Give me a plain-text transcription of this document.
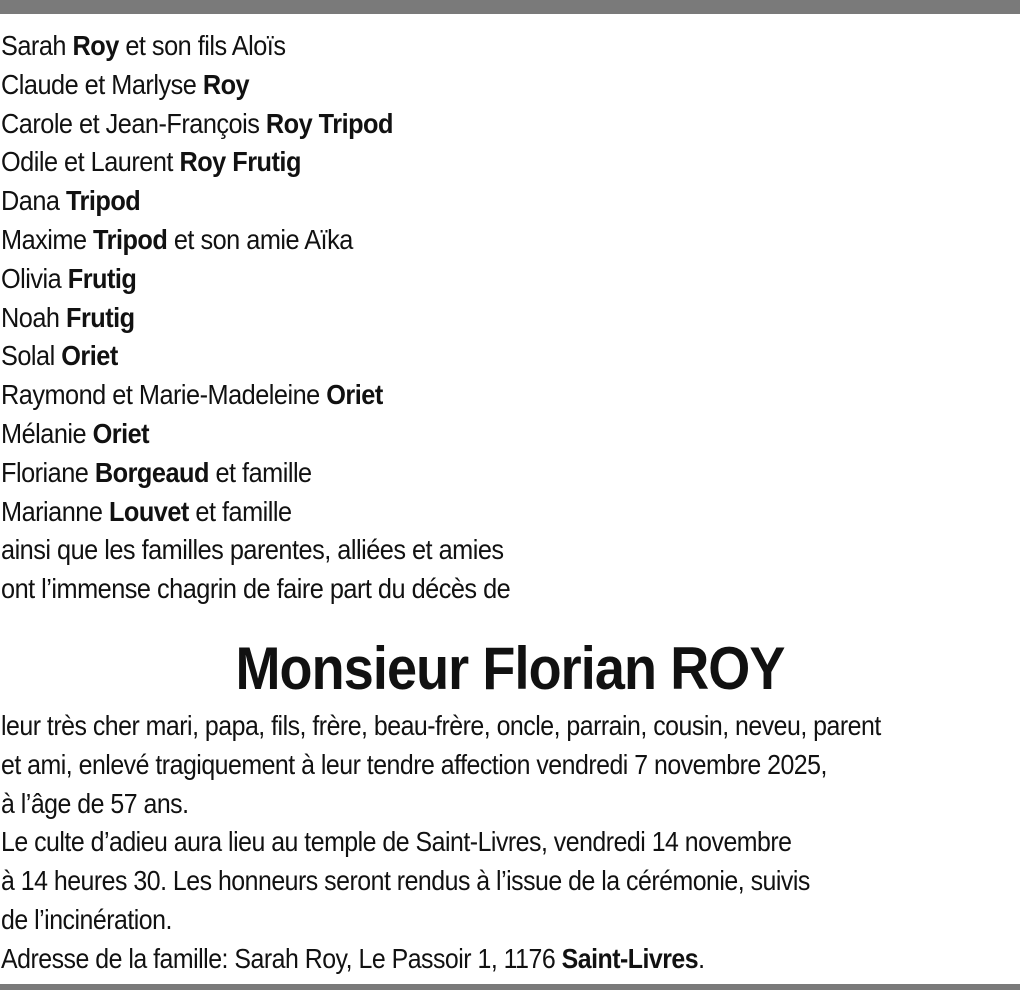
Sarah Roy et son fils Aloïs
Claude et Marlyse Roy
Carole et Jean-François Roy Tripod
Odile et Laurent Roy Frutig
Dana Tripod
Maxime Tripod et son amie Aïka
Olivia Frutig
Noah Frutig
Solal Oriet
Raymond et Marie-Madeleine Oriet
Mélanie Oriet
Floriane Borgeaud et famille
Marianne Louvet et famille
ainsi que les familles parentes, alliées et amies
ont l’immense chagrin de faire part du décès de
Monsieur Florian ROY
leur très cher mari, papa, fils, frère, beau-frère, oncle, parrain, cousin, neveu, parent
et ami, enlevé tragiquement à leur tendre affection vendredi 7 novembre 2025,
à l’âge de 57 ans.
Le culte d’adieu aura lieu au temple de Saint-Livres, vendredi 14 novembre
à 14 heures 30. Les honneurs seront rendus à l’issue de la cérémonie, suivis
de l’incinération.
Adresse de la famille: Sarah Roy, Le Passoir 1, 1176 Saint-Livres.
